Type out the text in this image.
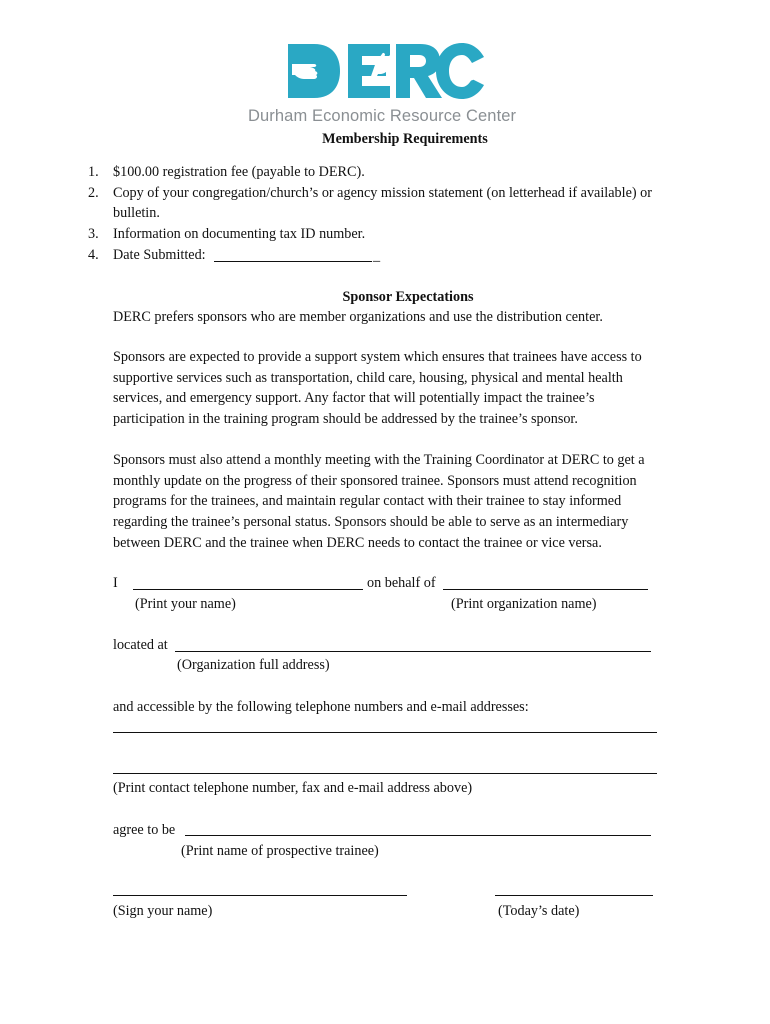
Durham Economic Resource Center
Membership Requirements
1.	$100.00 registration fee (payable to DERC).
2.	Copy of your congregation/church’s or agency mission statement (on letterhead if available) or
bulletin.
3.	Information on documenting tax ID number.
4.	Date Submitted:	_
Sponsor Expectations
DERC prefers sponsors who are member organizations and use the distribution center.
Sponsors are expected to provide a support system which ensures that trainees have access to
supportive services such as transportation, child care, housing, physical and mental health
services, and emergency support. Any factor that will potentially impact the trainee’s
participation in the training program should be addressed by the trainee’s sponsor.
Sponsors must also attend a monthly meeting with the Training Coordinator at DERC to get a
monthly update on the progress of their sponsored trainee. Sponsors must attend recognition
programs for the trainees, and maintain regular contact with their trainee to stay informed
regarding the trainee’s personal status. Sponsors should be able to serve as an intermediary
between DERC and the trainee when DERC needs to contact the trainee or vice versa.
I	on behalf of
(Print your name)	(Print organization name)
located at
(Organization full address)
and accessible by the following telephone numbers and e-mail addresses:
(Print contact telephone number, fax and e-mail address above)
agree to be
(Print name of prospective trainee)
(Sign your name)	(Today’s date)
